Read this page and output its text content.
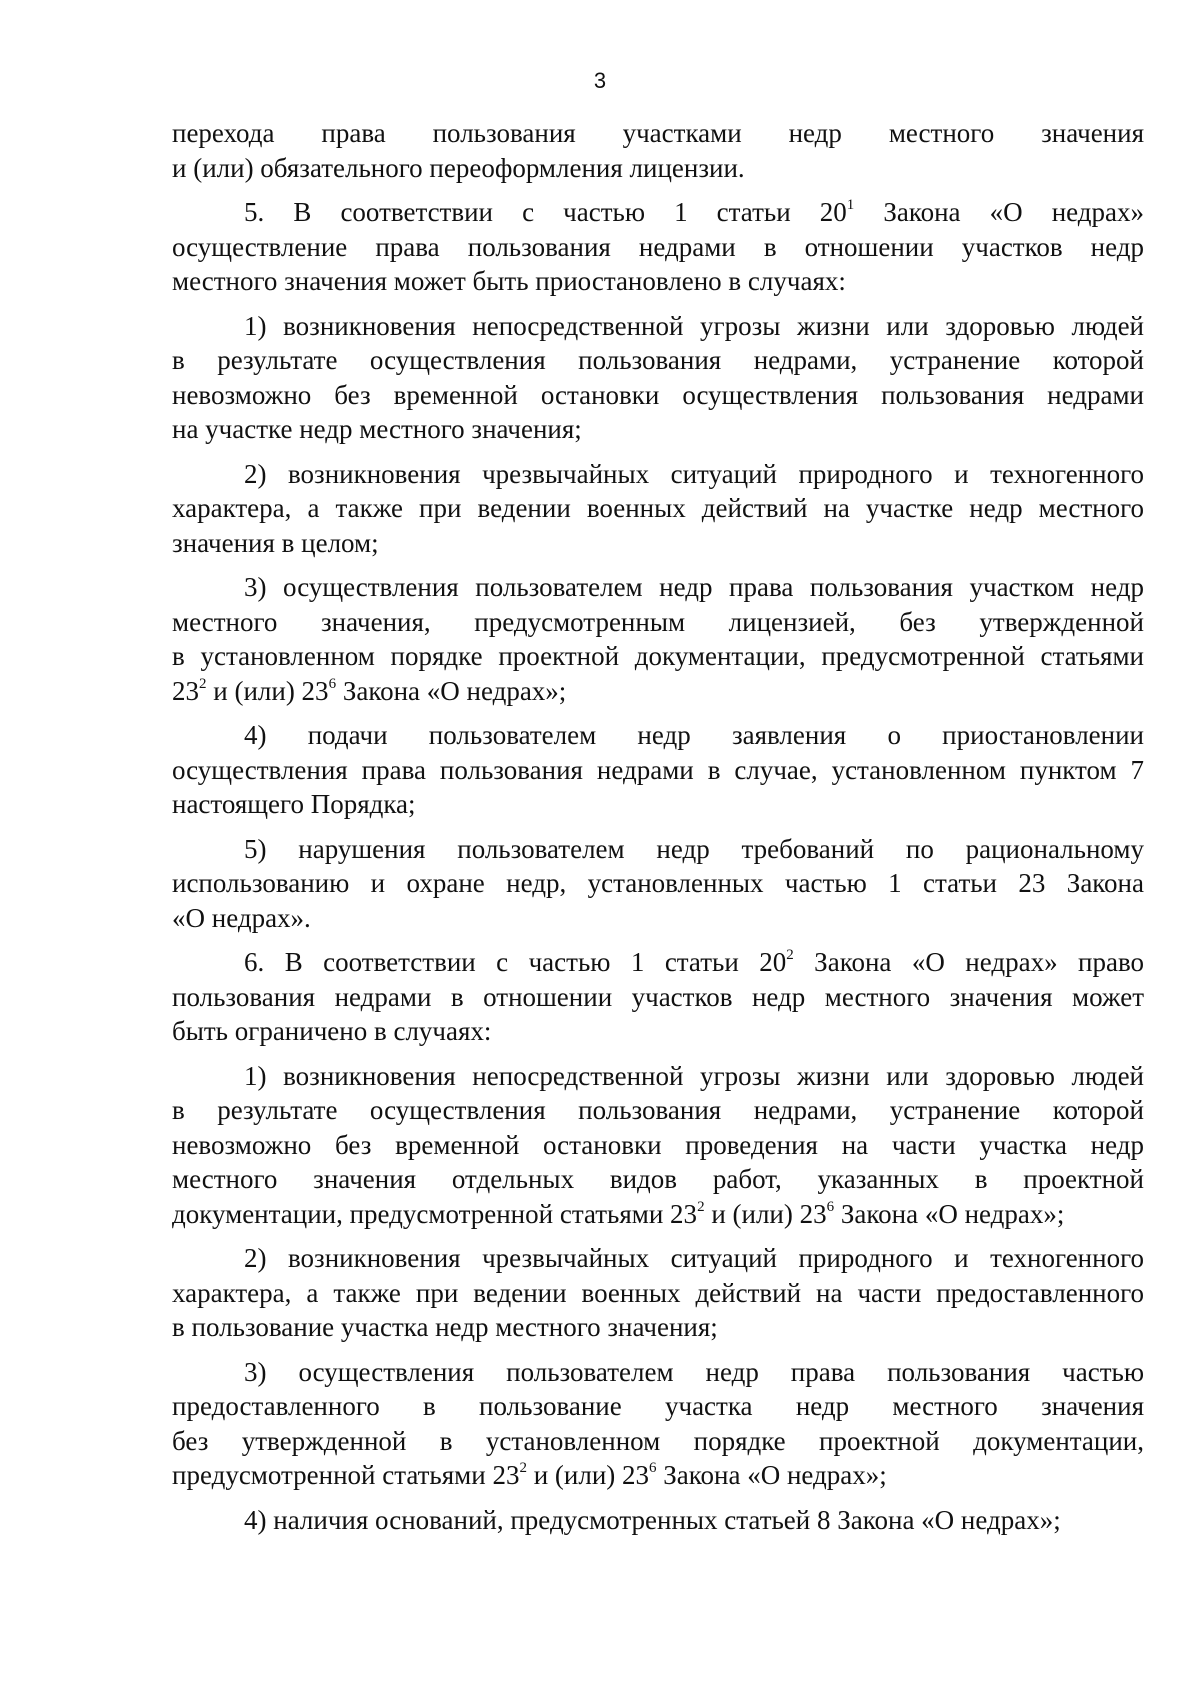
3
перехода права пользования участками недр местного значения
и (или) обязательного переоформления лицензии.
5. В соответствии с частью 1 статьи $20^1$ Закона «О недрах»
осуществление права пользования недрами в отношении участков недр
местного значения может быть приостановлено в случаях:
1) возникновения непосредственной угрозы жизни или здоровью людей
в результате осуществления пользования недрами, устранение которой
невозможно без временной остановки осуществления пользования недрами
на участке недр местного значения;
2) возникновения чрезвычайных ситуаций природного и техногенного
характера, а также при ведении военных действий на участке недр местного
значения в целом;
3) осуществления пользователем недр права пользования участком недр
местного значения, предусмотренным лицензией, без утвержденной
в установленном порядке проектной документации, предусмотренной статьями
$23^2$ и (или) $23^6$ Закона «О недрах»;
4) подачи пользователем недр заявления о приостановлении
осуществления права пользования недрами в случае, установленном пунктом 7
настоящего Порядка;
5) нарушения пользователем недр требований по рациональному
использованию и охране недр, установленных частью 1 статьи 23 Закона
«О недрах».
6. В соответствии с частью 1 статьи $20^2$ Закона «О недрах» право
пользования недрами в отношении участков недр местного значения может
быть ограничено в случаях:
1) возникновения непосредственной угрозы жизни или здоровью людей
в результате осуществления пользования недрами, устранение которой
невозможно без временной остановки проведения на части участка недр
местного значения отдельных видов работ, указанных в проектной
документации, предусмотренной статьями $23^2$ и (или) $23^6$ Закона «О недрах»;
2) возникновения чрезвычайных ситуаций природного и техногенного
характера, а также при ведении военных действий на части предоставленного
в пользование участка недр местного значения;
3) осуществления пользователем недр права пользования частью
предоставленного в пользование участка недр местного значения
без утвержденной в установленном порядке проектной документации,
предусмотренной статьями $23^2$ и (или) $23^6$ Закона «О недрах»;
4) наличия оснований, предусмотренных статьей 8 Закона «О недрах»;
